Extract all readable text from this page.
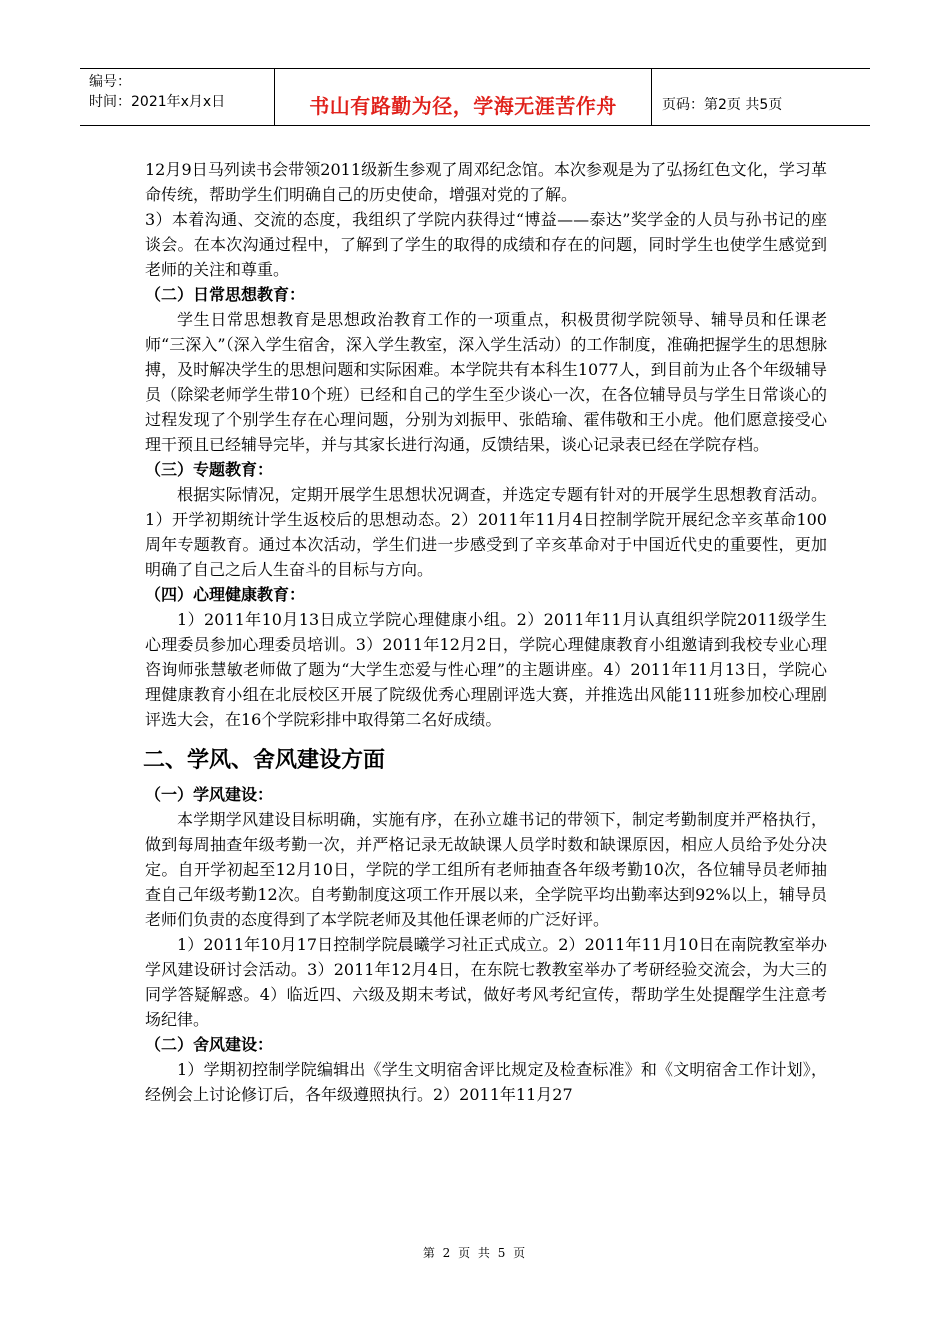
编号：
时间：2021年x月x日	书山有路勤为径，学海无涯苦作舟	页码：第2页 共5页

12月9日马列读书会带领2011级新生参观了周邓纪念馆。本次参观是为了弘扬红色文化，学习革命传统，帮助学生们明确自己的历史使命，增强对党的了解。

3）本着沟通、交流的态度，我组织了学院内获得过“博益——泰达”奖学金的人员与孙书记的座谈会。在本次沟通过程中，了解到了学生的取得的成绩和存在的问题，同时学生也使学生感觉到老师的关注和尊重。

（二）日常思想教育：

学生日常思想教育是思想政治教育工作的一项重点，积极贯彻学院领导、辅导员和任课老师“三深入”（深入学生宿舍，深入学生教室，深入学生活动）的工作制度，准确把握学生的思想脉搏，及时解决学生的思想问题和实际困难。本学院共有本科生1077人，到目前为止各个年级辅导员（除梁老师学生带10个班）已经和自己的学生至少谈心一次，在各位辅导员与学生日常谈心的过程发现了个别学生存在心理问题，分别为刘振甲、张皓瑜、霍伟敬和王小虎。他们愿意接受心理干预且已经辅导完毕，并与其家长进行沟通，反馈结果，谈心记录表已经在学院存档。

（三）专题教育：

根据实际情况，定期开展学生思想状况调查，并选定专题有针对的开展学生思想教育活动。1）开学初期统计学生返校后的思想动态。2）2011年11月4日控制学院开展纪念辛亥革命100周年专题教育。通过本次活动，学生们进一步感受到了辛亥革命对于中国近代史的重要性，更加明确了自己之后人生奋斗的目标与方向。

（四）心理健康教育：

1）2011年10月13日成立学院心理健康小组。2）2011年11月认真组织学院2011级学生心理委员参加心理委员培训。3）2011年12月2日，学院心理健康教育小组邀请到我校专业心理咨询师张慧敏老师做了题为“大学生恋爱与性心理”的主题讲座。4）2011年11月13日，学院心理健康教育小组在北辰校区开展了院级优秀心理剧评选大赛，并推选出风能111班参加校心理剧评选大会，在16个学院彩排中取得第二名好成绩。

二、学风、舍风建设方面

（一）学风建设：

本学期学风建设目标明确，实施有序，在孙立雄书记的带领下，制定考勤制度并严格执行，做到每周抽查年级考勤一次，并严格记录无故缺课人员学时数和缺课原因，相应人员给予处分决定。自开学初起至12月10日，学院的学工组所有老师抽查各年级考勤10次，各位辅导员老师抽查自己年级考勤12次。自考勤制度这项工作开展以来，全学院平均出勤率达到92%以上，辅导员老师们负责的态度得到了本学院老师及其他任课老师的广泛好评。

1）2011年10月17日控制学院晨曦学习社正式成立。2）2011年11月10日在南院教室举办学风建设研讨会活动。3）2011年12月4日，在东院七教教室举办了考研经验交流会，为大三的同学答疑解惑。4）临近四、六级及期末考试，做好考风考纪宣传，帮助学生处提醒学生注意考场纪律。

（二）舍风建设：

1）学期初控制学院编辑出《学生文明宿舍评比规定及检查标准》和《文明宿舍工作计划》，经例会上讨论修订后，各年级遵照执行。2）2011年11月27

第 2 页 共 5 页
